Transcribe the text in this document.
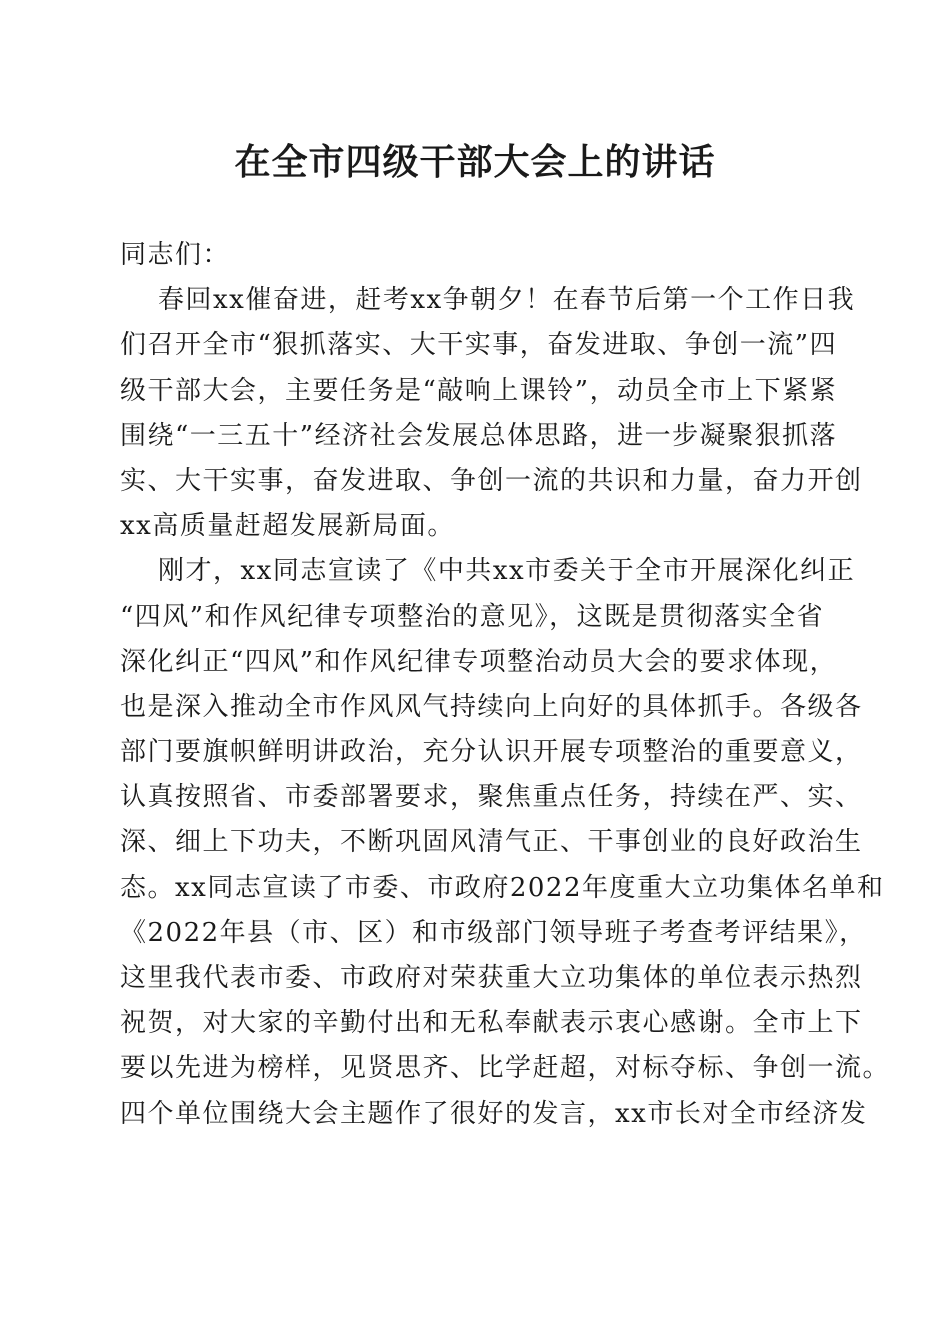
在全市四级干部大会上的讲话
同志们：
春回xx催奋进，赶考xx争朝夕！在春节后第一个工作日我
们召开全市“狠抓落实、大干实事，奋发进取、争创一流”四
级干部大会，主要任务是“敲响上课铃”，动员全市上下紧紧
围绕“一三五十”经济社会发展总体思路，进一步凝聚狠抓落
实、大干实事，奋发进取、争创一流的共识和力量，奋力开创
xx高质量赶超发展新局面。
刚才，xx同志宣读了《中共xx市委关于全市开展深化纠正
“四风”和作风纪律专项整治的意见》，这既是贯彻落实全省
深化纠正“四风”和作风纪律专项整治动员大会的要求体现，
也是深入推动全市作风风气持续向上向好的具体抓手。各级各
部门要旗帜鲜明讲政治，充分认识开展专项整治的重要意义，
认真按照省、市委部署要求，聚焦重点任务，持续在严、实、
深、细上下功夫，不断巩固风清气正、干事创业的良好政治生
态。xx同志宣读了市委、市政府2022年度重大立功集体名单和
《2022年县（市、区）和市级部门领导班子考查考评结果》，
这里我代表市委、市政府对荣获重大立功集体的单位表示热烈
祝贺，对大家的辛勤付出和无私奉献表示衷心感谢。全市上下
要以先进为榜样，见贤思齐、比学赶超，对标夺标、争创一流。
四个单位围绕大会主题作了很好的发言，xx市长对全市经济发
